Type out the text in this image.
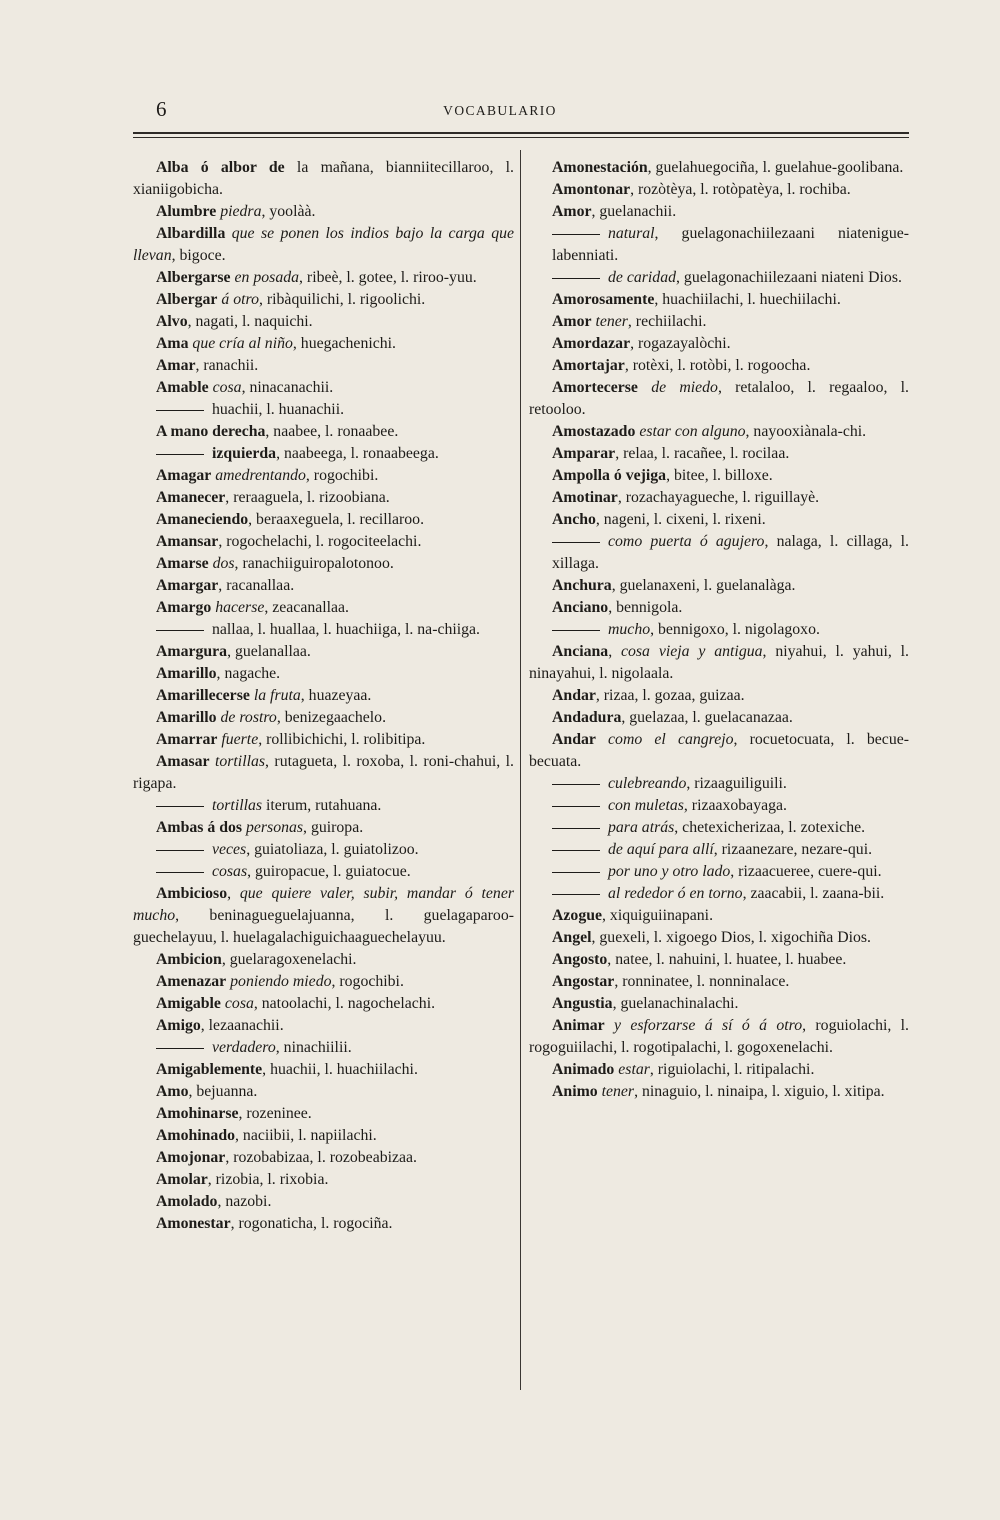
6	VOCABULARIO

Alba ó albor de la mañana, bianniitecillaroo, l. xianiigobicha.

Alumbre piedra, yoolàà.

Albardilla que se ponen los indios bajo la carga que llevan, bigoce.

Albergarse en posada, ribeè, l. gotee, l. riroo-yuu.

Albergar á otro, ribàquilichi, l. rigoolichi.

Alvo, nagati, l. naquichi.

Ama que cría al niño, huegachenichi.

Amar, ranachii.

Amable cosa, ninacanachii.

huachii, l. huanachii.

A mano derecha, naabee, l. ronaabee.

izquierda, naabeega, l. ronaabeega.

Amagar amedrentando, rogochibi.

Amanecer, reraaguela, l. rizoobiana.

Amaneciendo, beraaxeguela, l. recillaroo.

Amansar, rogochelachi, l. rogociteelachi.

Amarse dos, ranachiiguiropalotonoo.

Amargar, racanallaa.

Amargo hacerse, zeacanallaa.

nallaa, l. huallaa, l. huachiiga, l. na-chiiga.

Amargura, guelanallaa.

Amarillo, nagache.

Amarillecerse la fruta, huazeyaa.

Amarillo de rostro, benizegaachelo.

Amarrar fuerte, rollibichichi, l. rolibitipa.

Amasar tortillas, rutagueta, l. roxoba, l. roni-chahui, l. rigapa.

tortillas iterum, rutahuana.

Ambas á dos personas, guiropa.

veces, guiatoliaza, l. guiatolizoo.

cosas, guiropacue, l. guiatocue.

Ambicioso, que quiere valer, subir, mandar ó tener mucho, beninagueguelajuanna, l. guelagaparoo-guechelayuu, l. huelagalachiguichaaguechelayuu.

Ambicion, guelaragoxenelachi.

Amenazar poniendo miedo, rogochibi.

Amigable cosa, natoolachi, l. nagochelachi.

Amigo, lezaanachii.

verdadero, ninachiilii.

Amigablemente, huachii, l. huachiilachi.

Amo, bejuanna.

Amohinarse, rozeninee.

Amohinado, naciibii, l. napiilachi.

Amojonar, rozobabizaa, l. rozobeabizaa.

Amolar, rizobia, l. rixobia.

Amolado, nazobi.

Amonestar, rogonaticha, l. rogociña.

Amonestación, guelahuegociña, l. guelahue-goolibana.

Amontonar, rozòtèya, l. rotòpatèya, l. rochiba.

Amor, guelanachii.

natural, guelagonachiilezaani niatenigue-labenniati.

de caridad, guelagonachiilezaani niateni Dios.

Amorosamente, huachiilachi, l. huechiilachi.

Amor tener, rechiilachi.

Amordazar, rogazayalòchi.

Amortajar, rotèxi, l. rotòbi, l. rogoocha.

Amortecerse de miedo, retalaloo, l. regaaloo, l. retooloo.

Amostazado estar con alguno, nayooxiànala-chi.

Amparar, relaa, l. racañee, l. rocilaa.

Ampolla ó vejiga, bitee, l. billoxe.

Amotinar, rozachayagueche, l. riguillayè.

Ancho, nageni, l. cixeni, l. rixeni.

como puerta ó agujero, nalaga, l. cillaga, l. xillaga.

Anchura, guelanaxeni, l. guelanalàga.

Anciano, bennigola.

mucho, bennigoxo, l. nigolagoxo.

Anciana, cosa vieja y antigua, niyahui, l. yahui, l. ninayahui, l. nigolaala.

Andar, rizaa, l. gozaa, guizaa.

Andadura, guelazaa, l. guelacanazaa.

Andar como el cangrejo, rocuetocuata, l. becue-becuata.

culebreando, rizaaguiliguili.

con muletas, rizaaxobayaga.

para atrás, chetexicherizaa, l. zotexiche.

de aquí para allí, rizaanezare, nezare-qui.

por uno y otro lado, rizaacueree, cuere-qui.

al rededor ó en torno, zaacabii, l. zaana-bii.

Azogue, xiquiguiinapani.

Angel, guexeli, l. xigoego Dios, l. xigochiña Dios.

Angosto, natee, l. nahuini, l. huatee, l. huabee.

Angostar, ronninatee, l. nonninalace.

Angustia, guelanachinalachi.

Animar y esforzarse á sí ó á otro, roguiolachi, l. rogoguiilachi, l. rogotipalachi, l. gogoxenelachi.

Animado estar, riguiolachi, l. ritipalachi.

Animo tener, ninaguio, l. ninaipa, l. xiguio, l. xitipa.
